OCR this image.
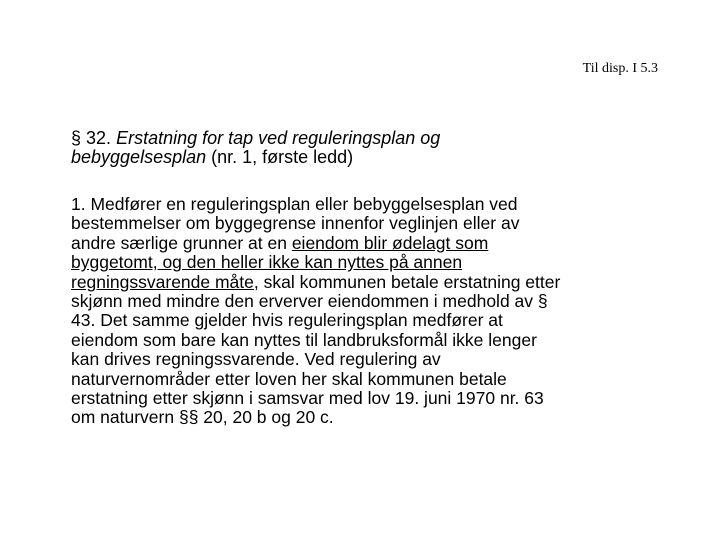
Til disp. I 5.3
§ 32. Erstatning for tap ved reguleringsplan og
bebyggelsesplan (nr. 1, første ledd)
1. Medfører en reguleringsplan eller bebyggelsesplan ved
bestemmelser om byggegrense innenfor veglinjen eller av
andre særlige grunner at en eiendom blir ødelagt som
byggetomt, og den heller ikke kan nyttes på annen
regningssvarende måte, skal kommunen betale erstatning etter
skjønn med mindre den erverver eiendommen i medhold av §
43. Det samme gjelder hvis reguleringsplan medfører at
eiendom som bare kan nyttes til landbruksformål ikke lenger
kan drives regningssvarende. Ved regulering av
naturvernområder etter loven her skal kommunen betale
erstatning etter skjønn i samsvar med lov 19. juni 1970 nr. 63
om naturvern §§ 20, 20 b og 20 c.
